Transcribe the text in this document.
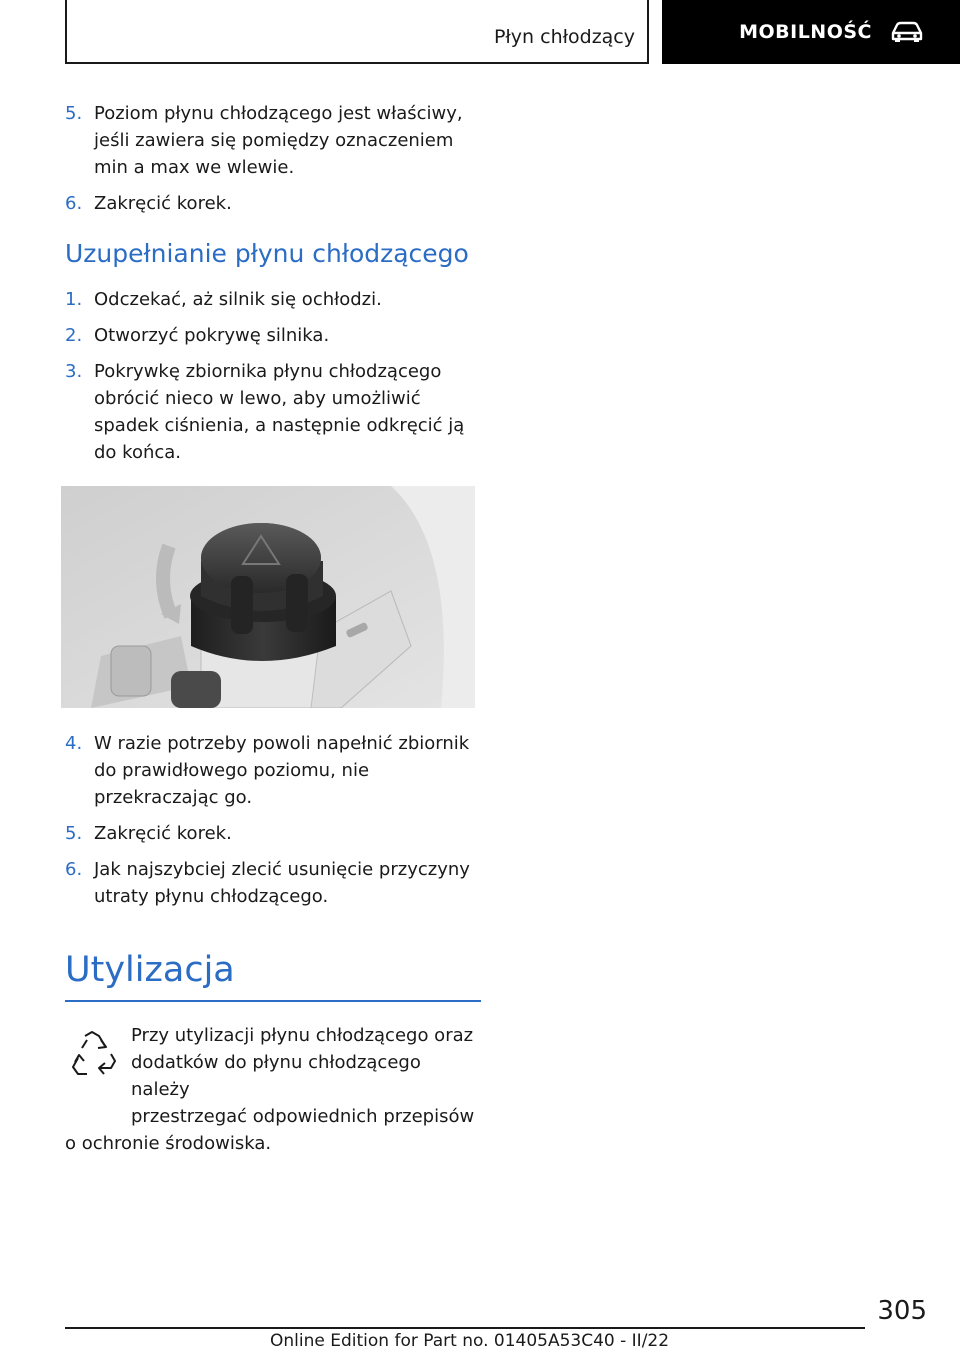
Płyn chłodzący	MOBILNOŚĆ
5. Poziom płynu chłodzącego jest właściwy, jeśli zawiera się pomiędzy oznaczeniem min a max we wlewie.
6. Zakręcić korek.
Uzupełnianie płynu chłodzącego
1. Odczekać, aż silnik się ochłodzi.
2. Otworzyć pokrywę silnika.
3. Pokrywkę zbiornika płynu chłodzącego obrócić nieco w lewo, aby umożliwić spadek ciśnienia, a następnie odkręcić ją do końca.
4. W razie potrzeby powoli napełnić zbiornik do prawidłowego poziomu, nie przekraczając go.
5. Zakręcić korek.
6. Jak najszybciej zlecić usunięcie przyczyny utraty płynu chłodzącego.
Utylizacja
Przy utylizacji płynu chłodzącego oraz
dodatków do płynu chłodzącego należy
przestrzegać odpowiednich przepisów
o ochronie środowiska.
305
Online Edition for Part no. 01405A53C40 - II/22
